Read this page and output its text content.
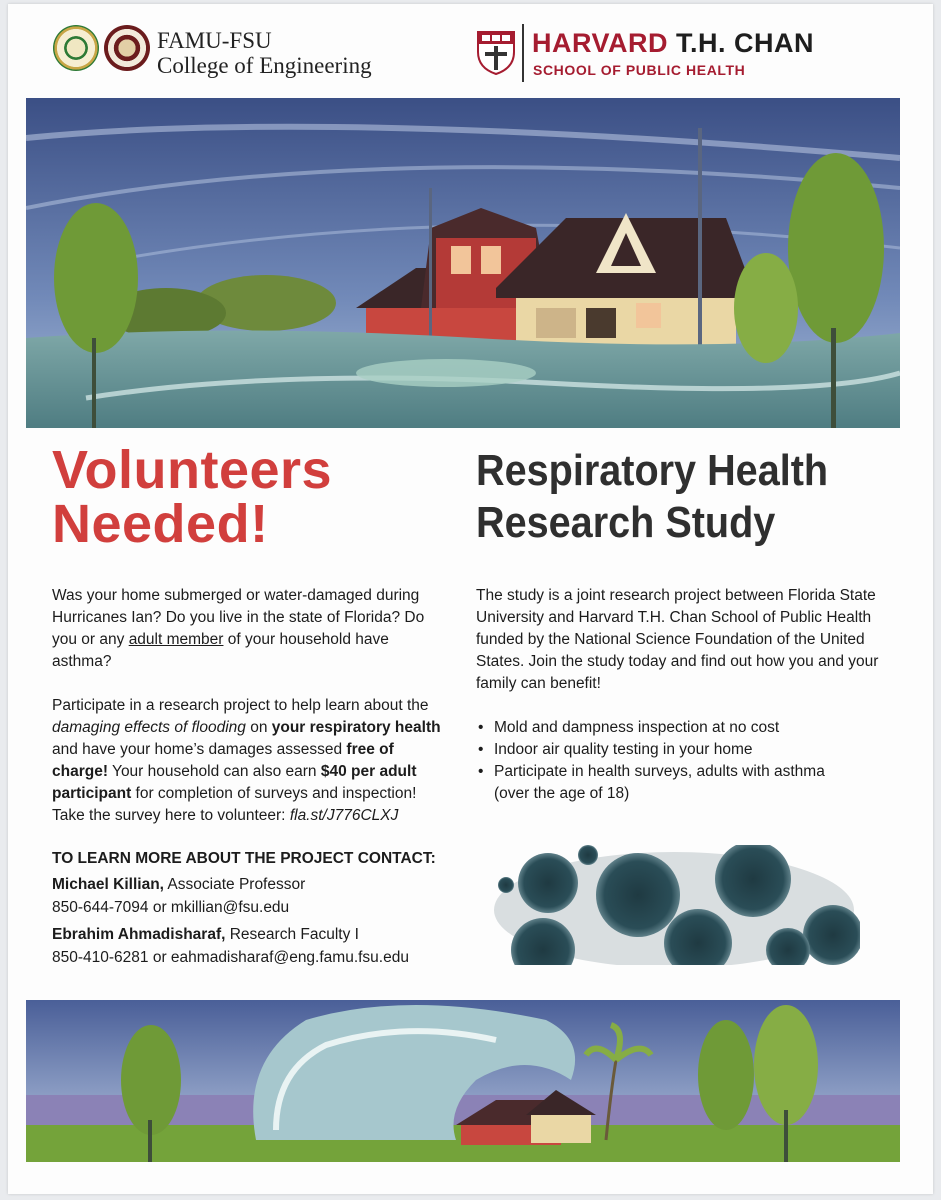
FAMU-FSU
College of Engineering
HARVARD T.H. CHAN
SCHOOL OF PUBLIC HEALTH
Volunteers
Needed!
Respiratory Health
Research Study

Was your home submerged or water-damaged during Hurricanes Ian? Do you live in the state of Florida? Do you or any adult member of your household have asthma?

Participate in a research project to help learn about the damaging effects of flooding on your respiratory health and have your home’s damages assessed free of charge! Your household can also earn $40 per adult participant for completion of surveys and inspection! Take the survey here to volunteer: fla.st/J776CLXJ

The study is a joint research project between Florida State University and Harvard T.H. Chan School of Public Health funded by the National Science Foundation of the United States. Join the study today and find out how you and your family can benefit!

• Mold and dampness inspection at no cost
• Indoor air quality testing in your home
• Participate in health surveys, adults with asthma
(over the age of 18)
TO LEARN MORE ABOUT THE PROJECT CONTACT:
Michael Killian, Associate Professor
850-644-7094 or mkillian@fsu.edu
Ebrahim Ahmadisharaf, Research Faculty I
850-410-6281 or eahmadisharaf@eng.famu.fsu.edu
